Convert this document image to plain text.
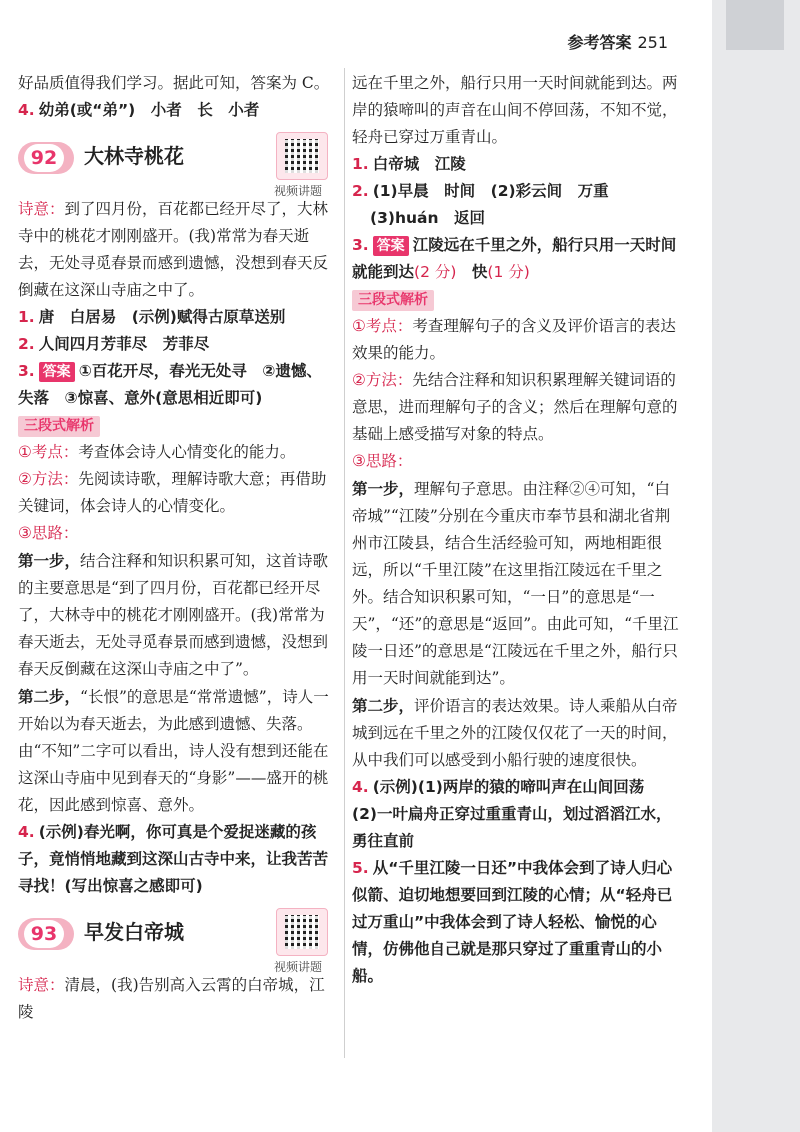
参考答案 251

好品质值得我们学习。据此可知，答案为 C。

4. 幼弟(或“弟”)　小者　长　小者

92	大林寺桃花
视频讲题

诗意：到了四月份，百花都已经开尽了，大林寺中的桃花才刚刚盛开。(我)常常为春天逝去，无处寻觅春景而感到遗憾，没想到春天反倒藏在这深山寺庙之中了。

1. 唐　白居易　(示例)赋得古原草送别

2. 人间四月芳菲尽　芳菲尽

3. 答案 ①百花开尽，春光无处寻　②遗憾、失落　③惊喜、意外(意思相近即可)

三段式解析

①考点：考查体会诗人心情变化的能力。

②方法：先阅读诗歌，理解诗歌大意；再借助关键词，体会诗人的心情变化。

③思路：

第一步，结合注释和知识积累可知，这首诗歌的主要意思是“到了四月份，百花都已经开尽了，大林寺中的桃花才刚刚盛开。(我)常常为春天逝去，无处寻觅春景而感到遗憾，没想到春天反倒藏在这深山寺庙之中了”。

第二步，“长恨”的意思是“常常遗憾”，诗人一开始以为春天逝去，为此感到遗憾、失落。由“不知”二字可以看出，诗人没有想到还能在这深山寺庙中见到春天的“身影”——盛开的桃花，因此感到惊喜、意外。

4. (示例)春光啊，你可真是个爱捉迷藏的孩子，竟悄悄地藏到这深山古寺中来，让我苦苦寻找！(写出惊喜之感即可)

93	早发白帝城
视频讲题

诗意：清晨，(我)告别高入云霄的白帝城，江陵

远在千里之外，船行只用一天时间就能到达。两岸的猿啼叫的声音在山间不停回荡，不知不觉，轻舟已穿过万重青山。

1. 白帝城　江陵

2. (1)早晨　时间　(2)彩云间　万重

(3)huán　返回

3. 答案 江陵远在千里之外，船行只用一天时间就能到达(2 分)　快(1 分)

三段式解析

①考点：考查理解句子的含义及评价语言的表达效果的能力。

②方法：先结合注释和知识积累理解关键词语的意思，进而理解句子的含义；然后在理解句意的基础上感受描写对象的特点。

③思路：

第一步，理解句子意思。由注释②④可知，“白帝城”“江陵”分别在今重庆市奉节县和湖北省荆州市江陵县，结合生活经验可知，两地相距很远，所以“千里江陵”在这里指江陵远在千里之外。结合知识积累可知，“一日”的意思是“一天”，“还”的意思是“返回”。由此可知，“千里江陵一日还”的意思是“江陵远在千里之外，船行只用一天时间就能到达”。

第二步，评价语言的表达效果。诗人乘船从白帝城到远在千里之外的江陵仅仅花了一天的时间，从中我们可以感受到小船行驶的速度很快。

4. (示例)(1)两岸的猿的啼叫声在山间回荡　(2)一叶扁舟正穿过重重青山，划过滔滔江水，勇往直前

5. 从“千里江陵一日还”中我体会到了诗人归心似箭、迫切地想要回到江陵的心情；从“轻舟已过万重山”中我体会到了诗人轻松、愉悦的心情，仿佛他自己就是那只穿过了重重青山的小船。
